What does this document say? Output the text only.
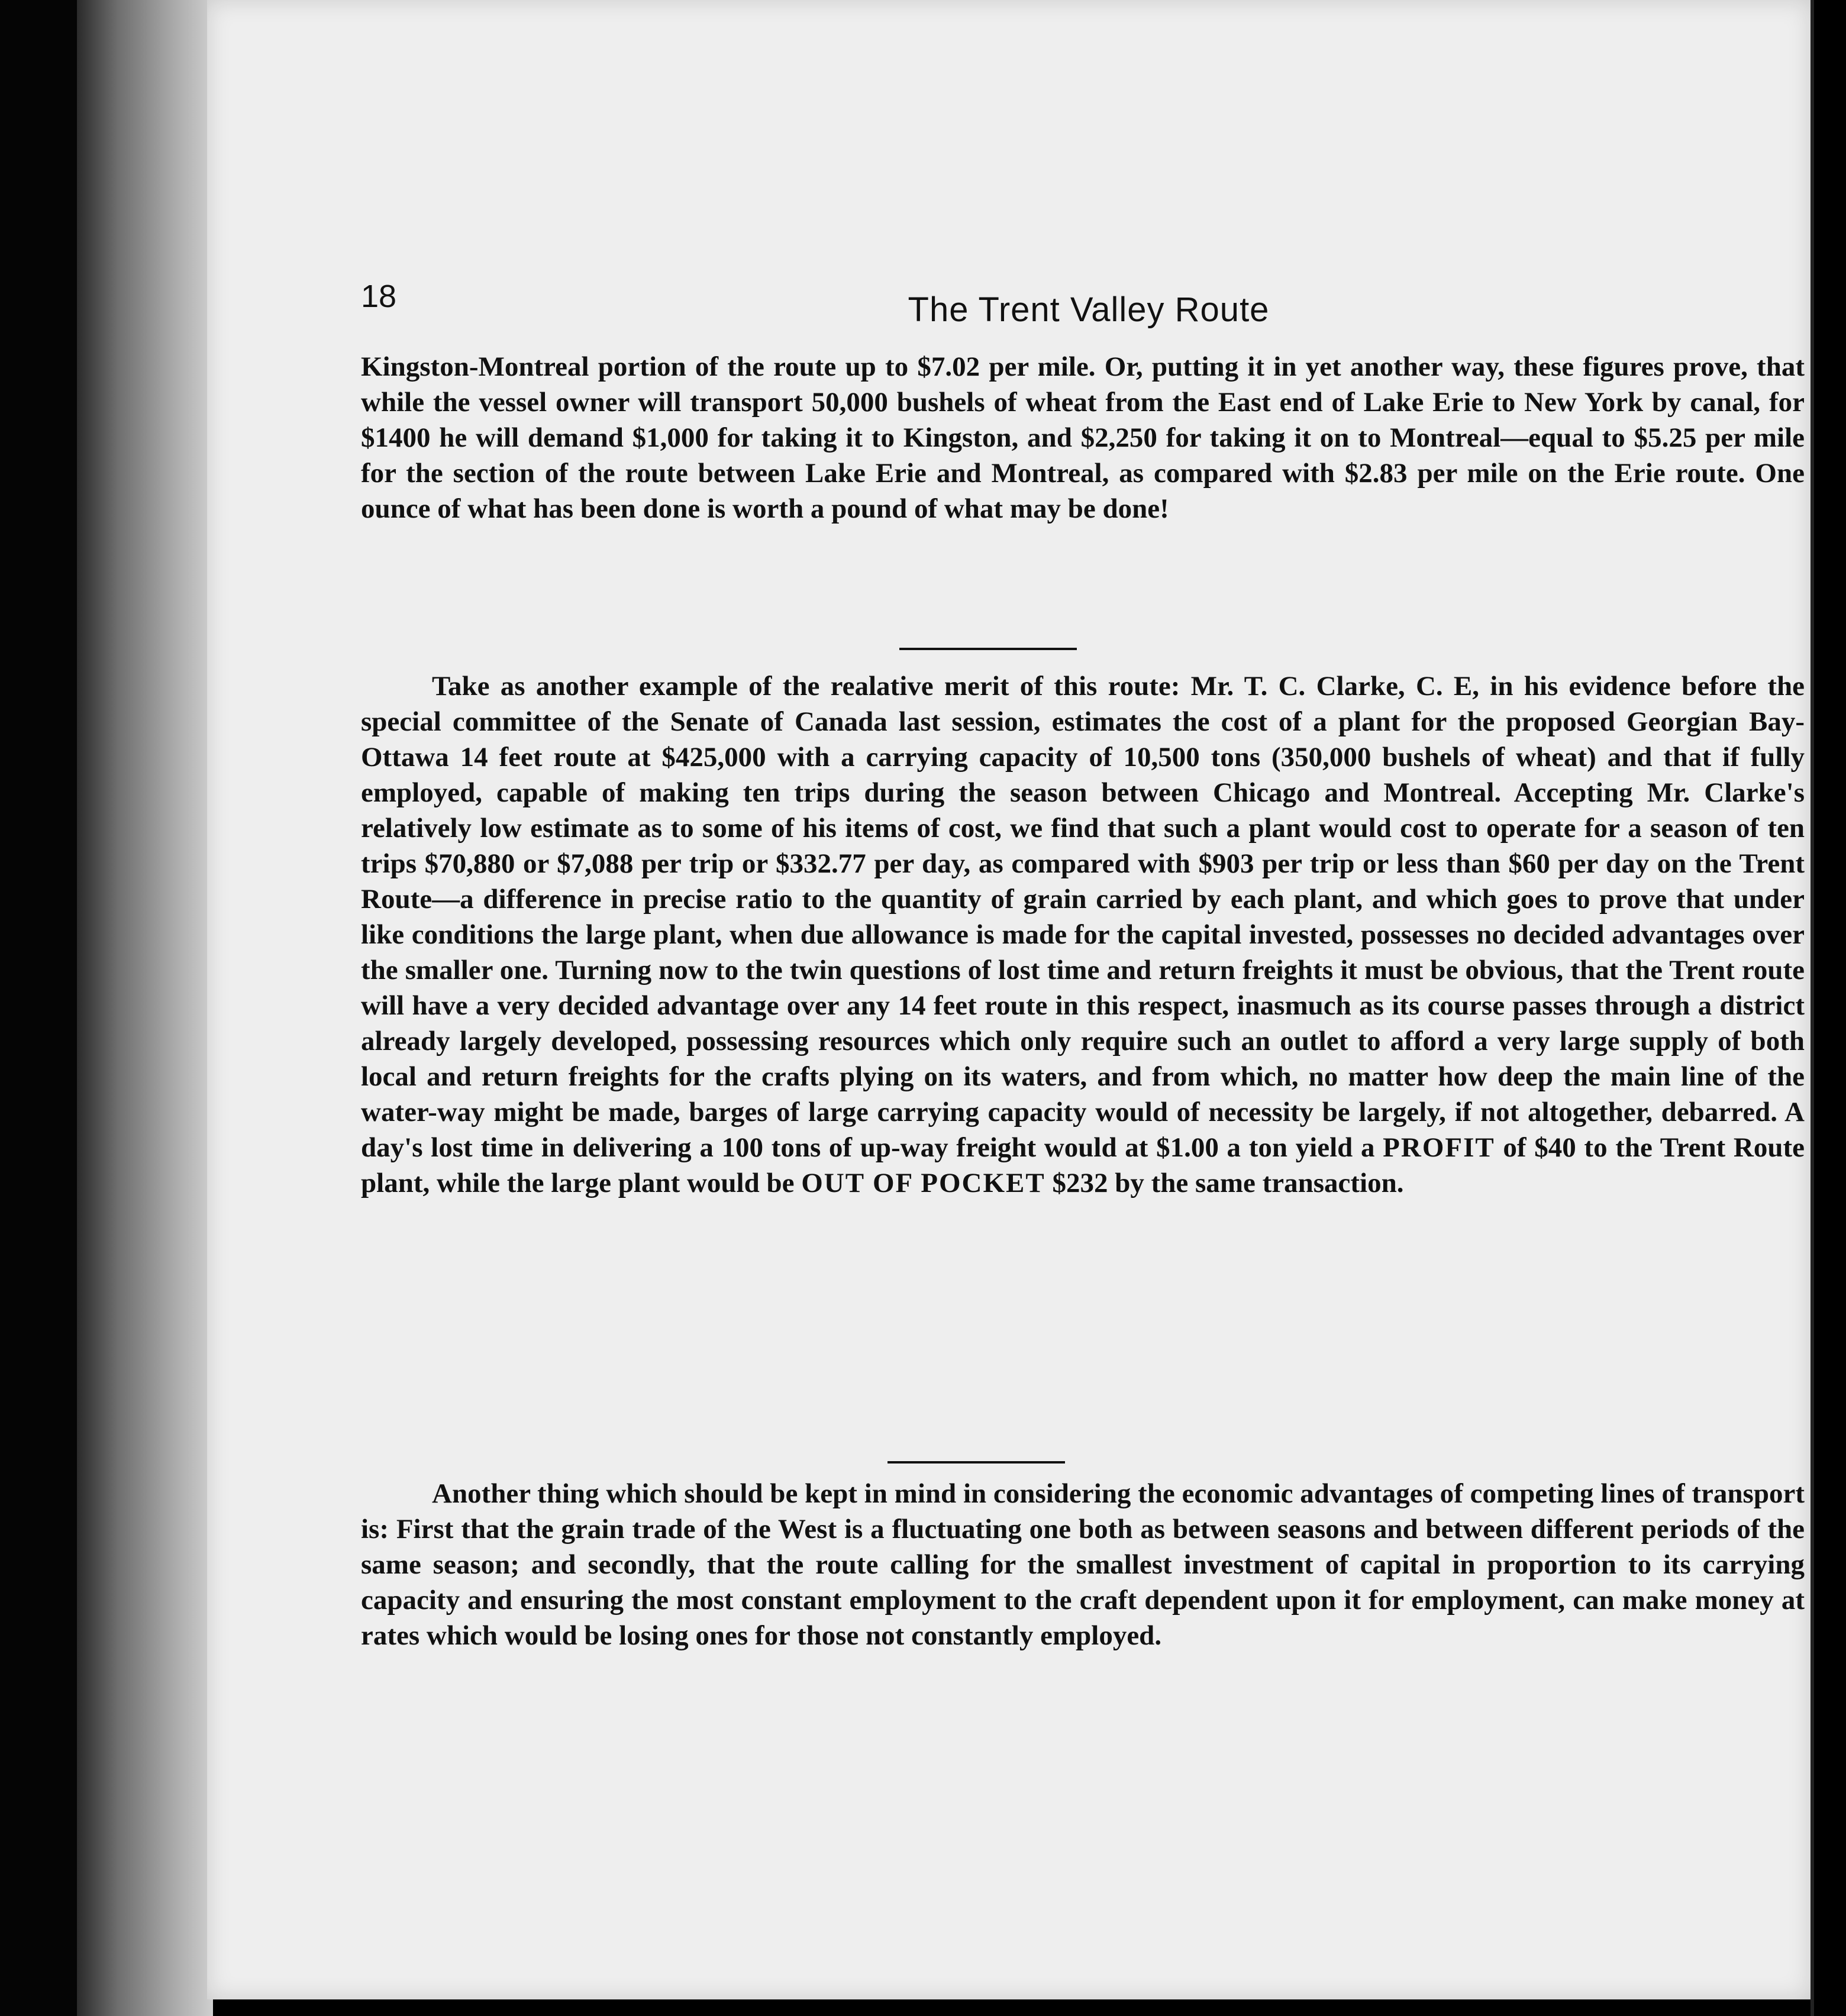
18	The Trent Valley Route

Kingston-Montreal portion of the route up to $7.02 per mile. Or, putting it in yet another way, these figures prove, that while the vessel owner will transport 50,000 bushels of wheat from the East end of Lake Erie to New York by canal, for $1400 he will demand $1,000 for taking it to Kingston, and $2,250 for taking it on to Montreal—equal to $5.25 per mile for the section of the route between Lake Erie and Montreal, as compared with $2.83 per mile on the Erie route. One ounce of what has been done is worth a pound of what may be done!

Take as another example of the realative merit of this route: Mr. T. C. Clarke, C. E, in his evidence before the special committee of the Senate of Canada last session, estimates the cost of a plant for the proposed Georgian Bay-Ottawa 14 feet route at $425,000 with a carrying capacity of 10,500 tons (350,000 bushels of wheat) and that if fully employed, capable of making ten trips during the season between Chicago and Montreal. Accepting Mr. Clarke's relatively low estimate as to some of his items of cost, we find that such a plant would cost to operate for a season of ten trips $70,880 or $7,088 per trip or $332.77 per day, as compared with $903 per trip or less than $60 per day on the Trent Route—a difference in precise ratio to the quantity of grain carried by each plant, and which goes to prove that under like conditions the large plant, when due allowance is made for the capital invested, possesses no decided advantages over the smaller one. Turning now to the twin questions of lost time and return freights it must be obvious, that the Trent route will have a very decided advantage over any 14 feet route in this respect, inasmuch as its course passes through a district already largely developed, possessing resources which only require such an outlet to afford a very large supply of both local and return freights for the crafts plying on its waters, and from which, no matter how deep the main line of the water-way might be made, barges of large carrying capacity would of necessity be largely, if not altogether, debarred. A day's lost time in delivering a 100 tons of up-way freight would at $1.00 a ton yield a PROFIT of $40 to the Trent Route plant, while the large plant would be OUT OF POCKET $232 by the same transaction.

Another thing which should be kept in mind in considering the economic advantages of competing lines of transport is: First that the grain trade of the West is a fluctuating one both as between seasons and between different periods of the same season; and secondly, that the route calling for the smallest investment of capital in proportion to its carrying capacity and ensuring the most constant employment to the craft dependent upon it for employment, can make money at rates which would be losing ones for those not constantly employed.
